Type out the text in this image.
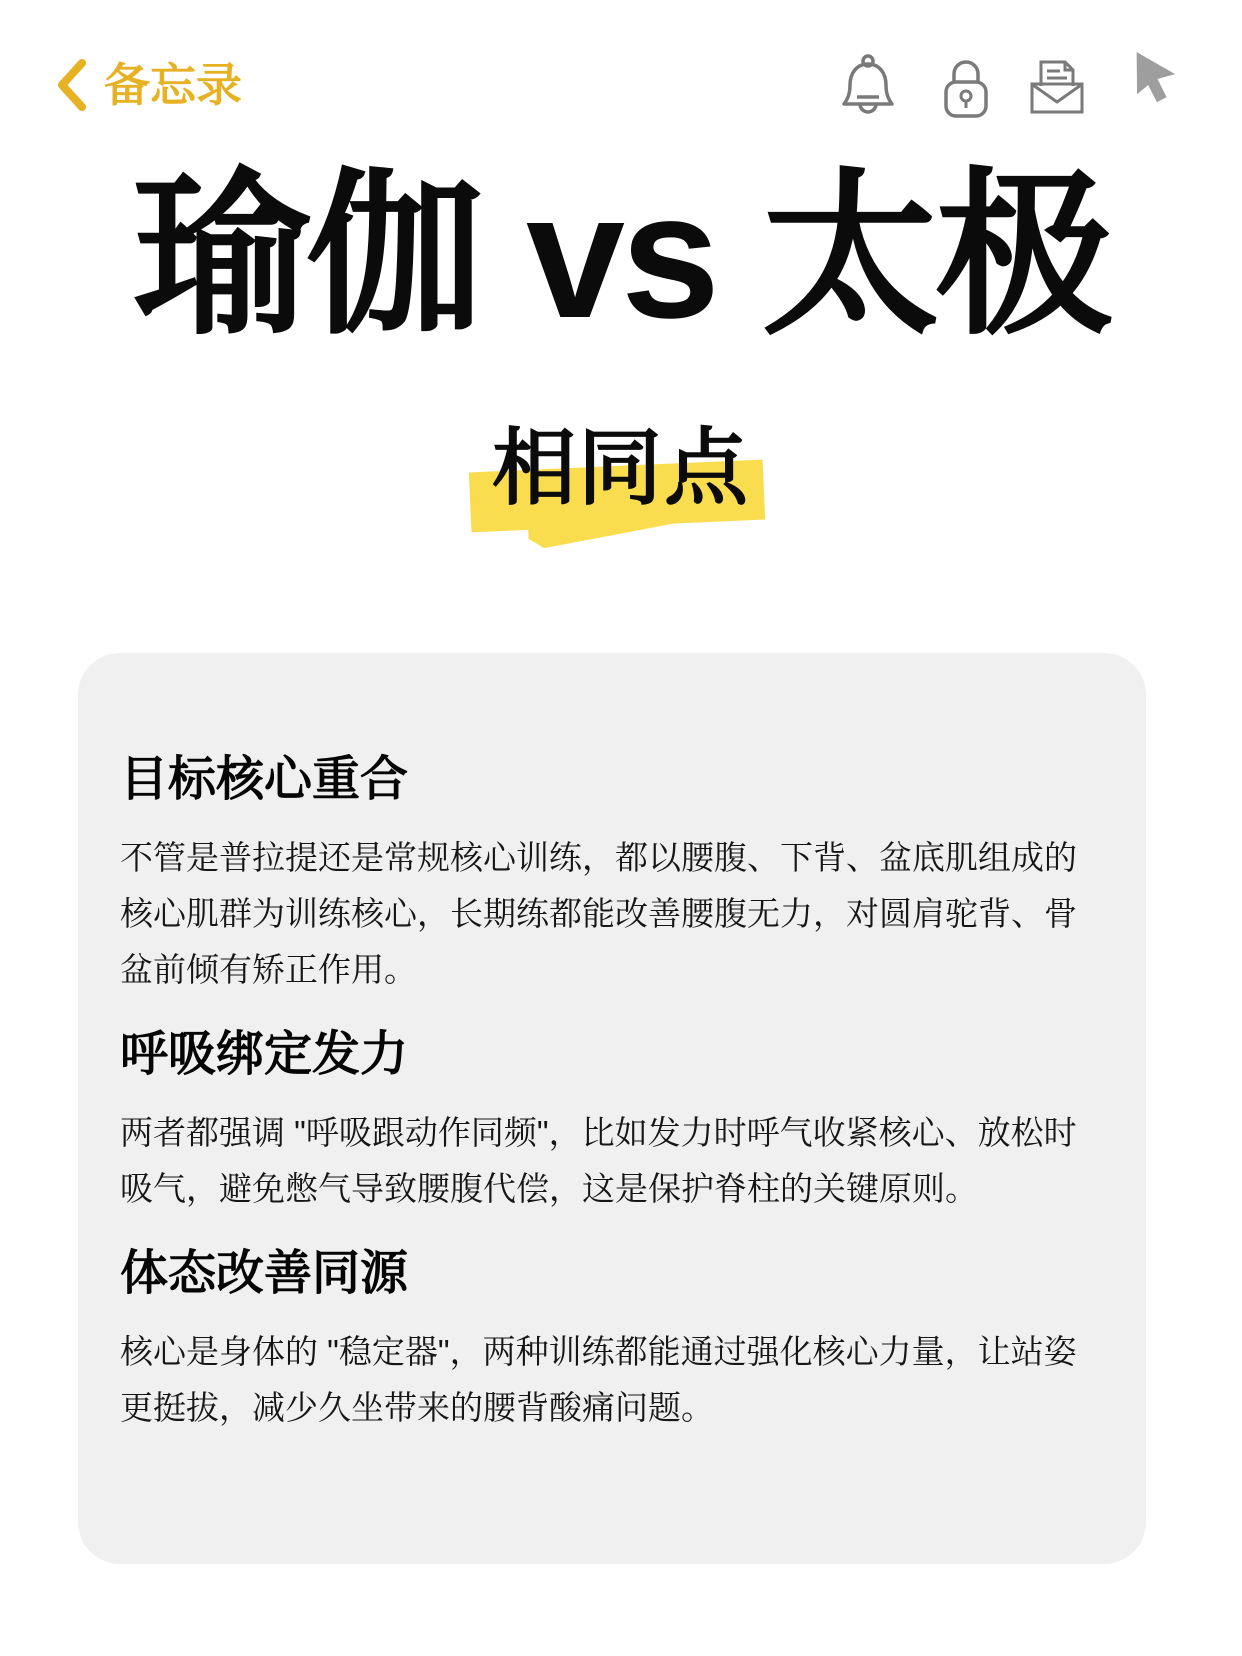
备忘录
瑜伽 vs 太极
相同点
目标核心重合

不管是普拉提还是常规核心训练，都以腰腹、下背、盆底肌组成的核心肌群为训练核心，长期练都能改善腰腹无力，对圆肩驼背、骨盆前倾有矫正作用。

呼吸绑定发力

两者都强调 "呼吸跟动作同频"，比如发力时呼气收紧核心、放松时吸气，避免憋气导致腰腹代偿，这是保护脊柱的关键原则。

体态改善同源

核心是身体的 "稳定器"，两种训练都能通过强化核心力量，让站姿更挺拔，减少久坐带来的腰背酸痛问题。
